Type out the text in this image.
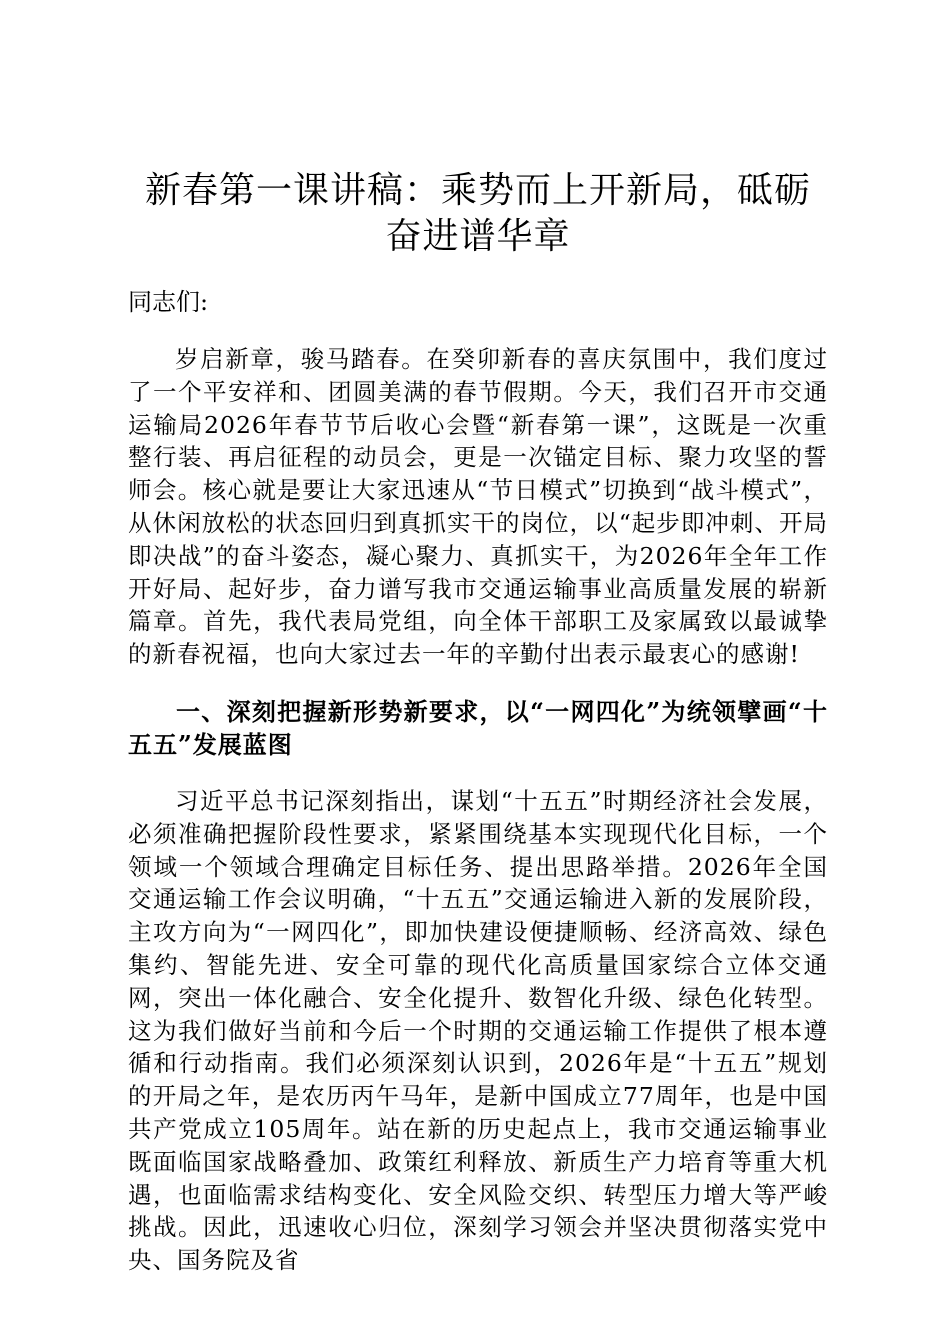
新春第一课讲稿：乘势而上开新局，砥砺奋进谱华章

同志们:

岁启新章，骏马踏春。在癸卯新春的喜庆氛围中，我们度过了一个平安祥和、团圆美满的春节假期。今天，我们召开市交通运输局2026年春节节后收心会暨“新春第一课”，这既是一次重整行装、再启征程的动员会，更是一次锚定目标、聚力攻坚的誓师会。核心就是要让大家迅速从“节日模式”切换到“战斗模式”，从休闲放松的状态回归到真抓实干的岗位，以“起步即冲刺、开局即决战”的奋斗姿态，凝心聚力、真抓实干，为2026年全年工作开好局、起好步，奋力谱写我市交通运输事业高质量发展的崭新篇章。首先，我代表局党组，向全体干部职工及家属致以最诚挚的新春祝福，也向大家过去一年的辛勤付出表示最衷心的感谢!

一、深刻把握新形势新要求，以“一网四化”为统领擘画“十五五”发展蓝图

习近平总书记深刻指出，谋划“十五五”时期经济社会发展，必须准确把握阶段性要求，紧紧围绕基本实现现代化目标，一个领域一个领域合理确定目标任务、提出思路举措。2026年全国交通运输工作会议明确，“十五五”交通运输进入新的发展阶段，主攻方向为“一网四化”，即加快建设便捷顺畅、经济高效、绿色集约、智能先进、安全可靠的现代化高质量国家综合立体交通网，突出一体化融合、安全化提升、数智化升级、绿色化转型。这为我们做好当前和今后一个时期的交通运输工作提供了根本遵循和行动指南。我们必须深刻认识到，2026年是“十五五”规划的开局之年，是农历丙午马年，是新中国成立77周年，也是中国共产党成立105周年。站在新的历史起点上，我市交通运输事业既面临国家战略叠加、政策红利释放、新质生产力培育等重大机遇，也面临需求结构变化、安全风险交织、转型压力增大等严峻挑战。因此，迅速收心归位，深刻学习领会并坚决贯彻落实党中央、国务院及省
